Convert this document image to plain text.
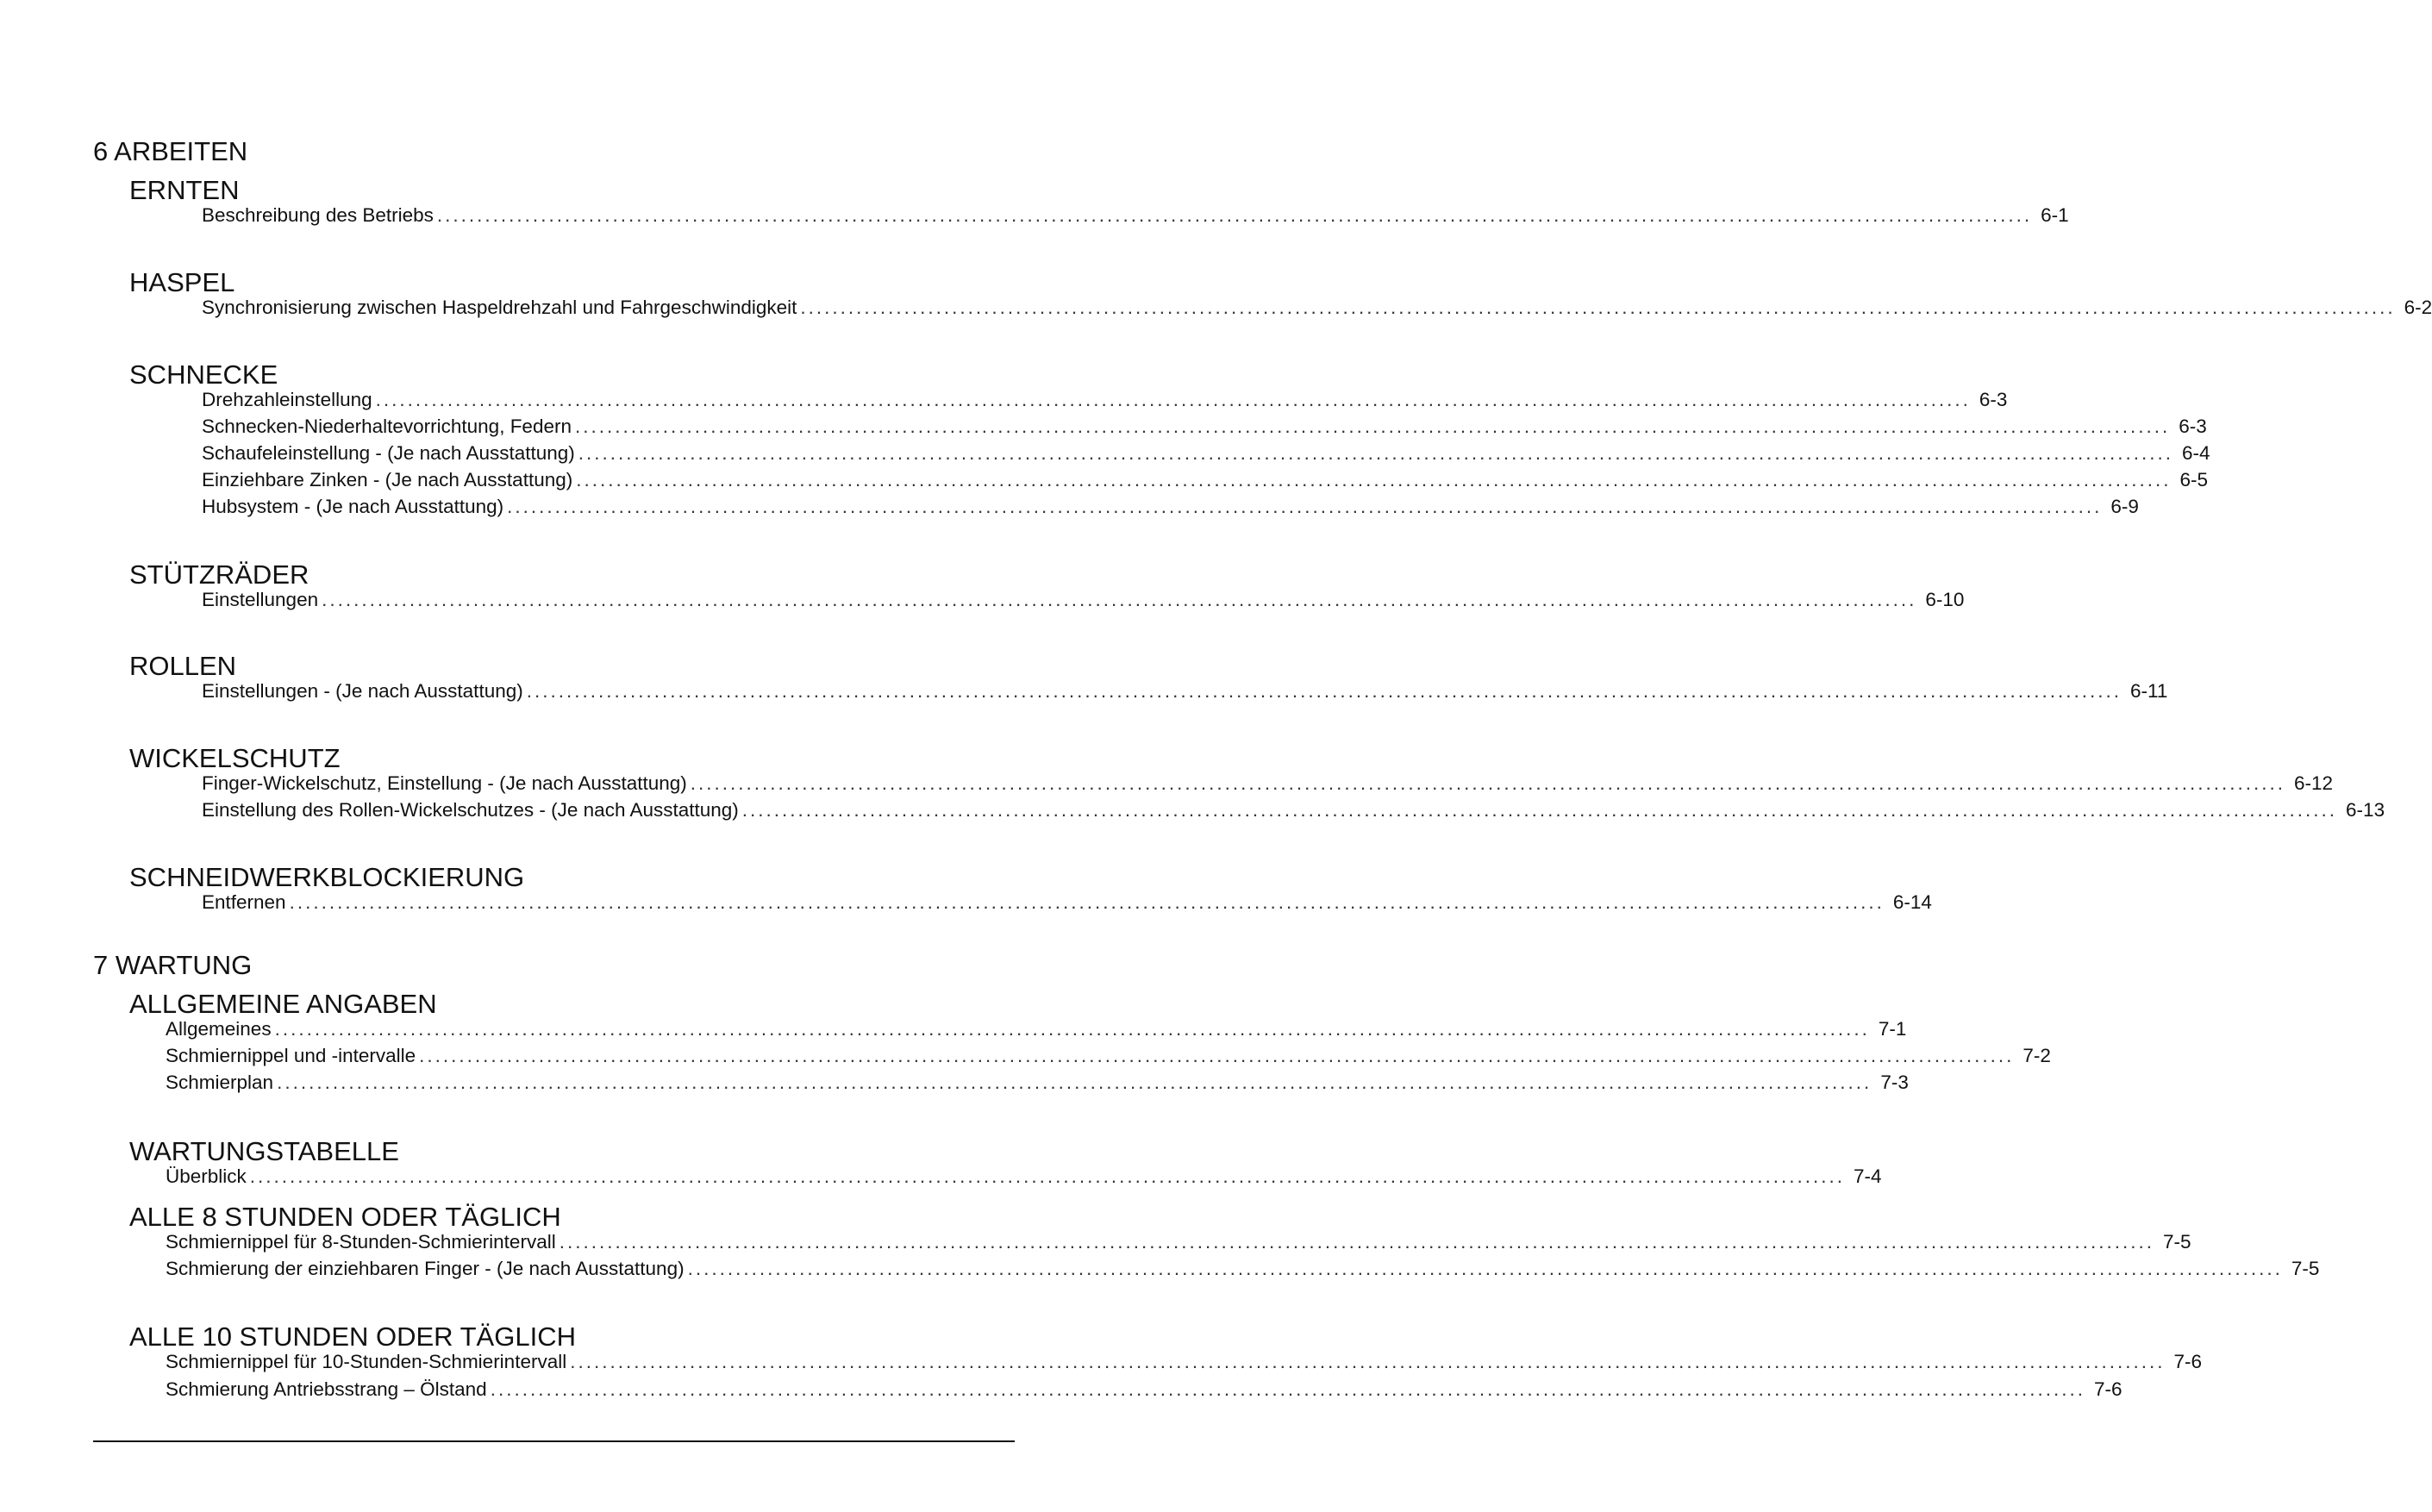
6 ARBEITEN
ERNTEN
Beschreibung des Betriebs ........................................................................................................................................................................................................ 6-1
HASPEL
Synchronisierung zwischen Haspeldrehzahl und Fahrgeschwindigkeit ........................................................................................................................................................................................................ 6-2
SCHNECKE
Drehzahleinstellung ........................................................................................................................................................................................................ 6-3
Schnecken-Niederhaltevorrichtung, Federn ........................................................................................................................................................................................................ 6-3
Schaufeleinstellung - (Je nach Ausstattung) ........................................................................................................................................................................................................ 6-4
Einziehbare Zinken - (Je nach Ausstattung) ........................................................................................................................................................................................................ 6-5
Hubsystem - (Je nach Ausstattung) ........................................................................................................................................................................................................ 6-9
STÜTZRÄDER
Einstellungen ........................................................................................................................................................................................................ 6-10
ROLLEN
Einstellungen - (Je nach Ausstattung) ........................................................................................................................................................................................................ 6-11
WICKELSCHUTZ
Finger-Wickelschutz, Einstellung - (Je nach Ausstattung) ........................................................................................................................................................................................................ 6-12
Einstellung des Rollen-Wickelschutzes - (Je nach Ausstattung) ........................................................................................................................................................................................................ 6-13
SCHNEIDWERKBLOCKIERUNG
Entfernen ........................................................................................................................................................................................................ 6-14
7 WARTUNG
ALLGEMEINE ANGABEN
Allgemeines ........................................................................................................................................................................................................ 7-1
Schmiernippel und -intervalle ........................................................................................................................................................................................................ 7-2
Schmierplan ........................................................................................................................................................................................................ 7-3
WARTUNGSTABELLE
Überblick ........................................................................................................................................................................................................ 7-4
ALLE 8 STUNDEN ODER TÄGLICH
Schmiernippel für 8-Stunden-Schmierintervall ........................................................................................................................................................................................................ 7-5
Schmierung der einziehbaren Finger - (Je nach Ausstattung) ........................................................................................................................................................................................................ 7-5
ALLE 10 STUNDEN ODER TÄGLICH
Schmiernippel für 10-Stunden-Schmierintervall ........................................................................................................................................................................................................ 7-6
Schmierung Antriebsstrang – Ölstand ........................................................................................................................................................................................................ 7-6
